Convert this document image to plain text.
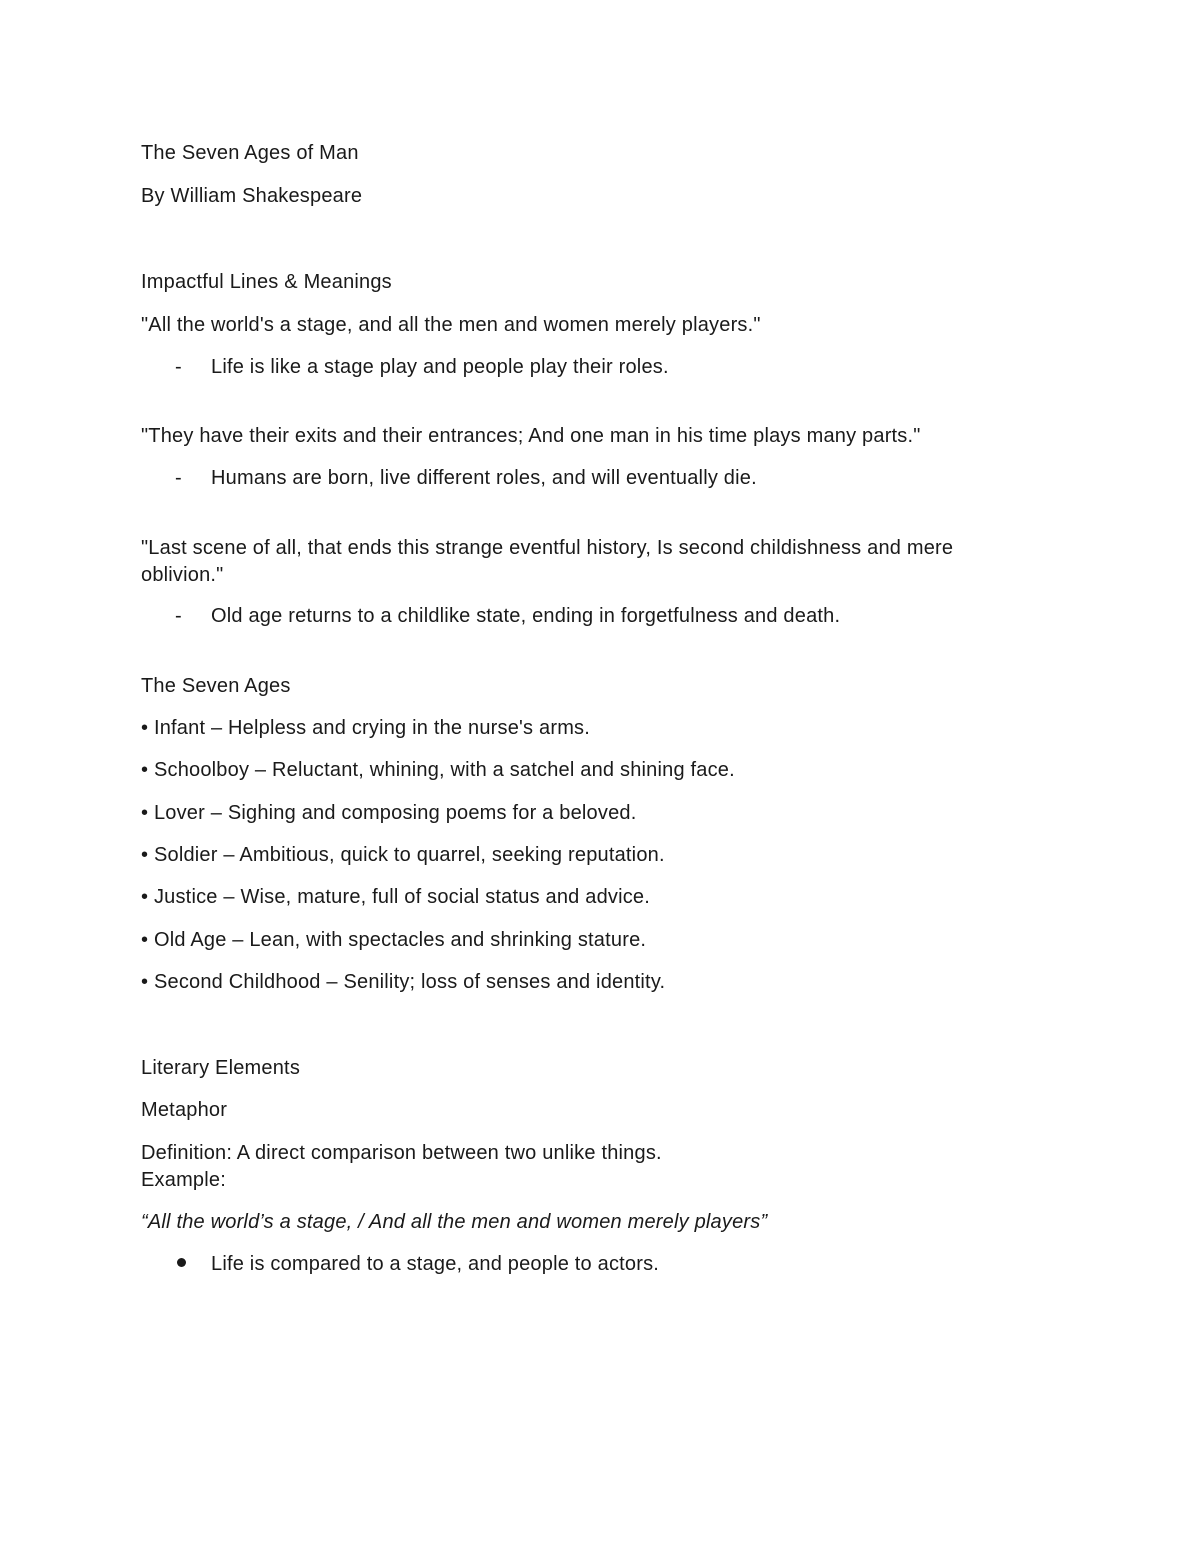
The Seven Ages of Man
By William Shakespeare
Impactful Lines & Meanings
"All the world's a stage, and all the men and women merely players."
- Life is like a stage play and people play their roles.
"They have their exits and their entrances; And one man in his time plays many parts."
- Humans are born, live different roles, and will eventually die.
"Last scene of all, that ends this strange eventful history, Is second childishness and mere oblivion."
- Old age returns to a childlike state, ending in forgetfulness and death.
The Seven Ages
• Infant – Helpless and crying in the nurse's arms.
• Schoolboy – Reluctant, whining, with a satchel and shining face.
• Lover – Sighing and composing poems for a beloved.
• Soldier – Ambitious, quick to quarrel, seeking reputation.
• Justice – Wise, mature, full of social status and advice.
• Old Age – Lean, with spectacles and shrinking stature.
• Second Childhood – Senility; loss of senses and identity.
Literary Elements
Metaphor
Definition: A direct comparison between two unlike things.
Example:
“All the world’s a stage, / And all the men and women merely players”
Life is compared to a stage, and people to actors.
